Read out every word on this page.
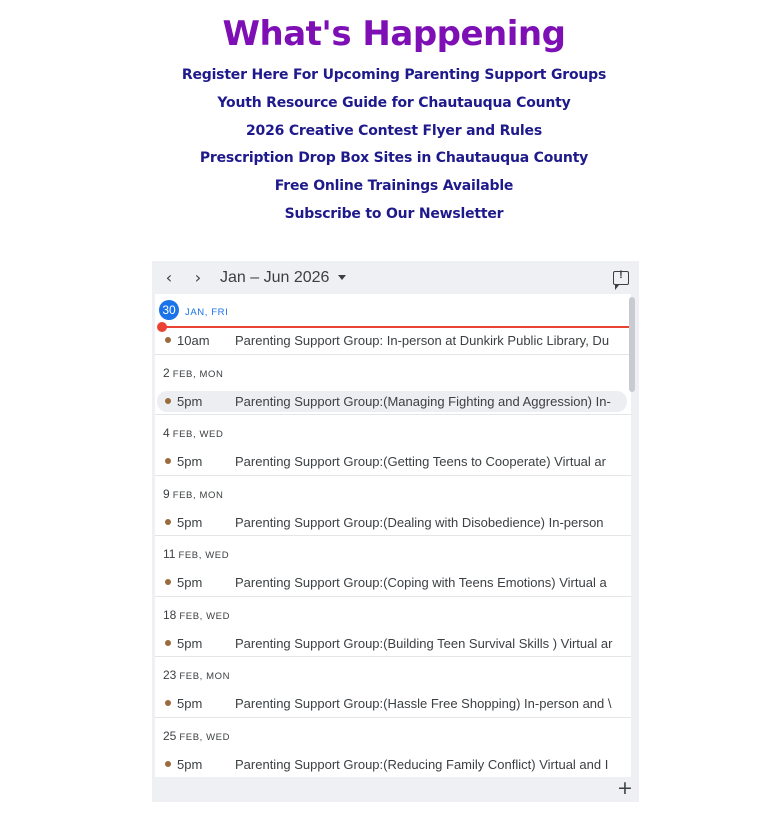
What's Happening
Register Here For Upcoming Parenting Support Groups
Youth Resource Guide for Chautauqua County
2026 Creative Contest Flyer and Rules
Prescription Drop Box Sites in Chautauqua County
Free Online Trainings Available
Subscribe to Our Newsletter
‹	›	Jan – Jun 2026	!
30 JAN, FRI
10am Parenting Support Group: In-person at Dunkirk Public Library, Du
2 FEB, MON
5pm	Parenting Support Group:(Managing Fighting and Aggression) In-
4 FEB, WED
5pm	Parenting Support Group:(Getting Teens to Cooperate) Virtual ar
9 FEB, MON
5pm	Parenting Support Group:(Dealing with Disobedience) In-person
11 FEB, WED
5pm	Parenting Support Group:(Coping with Teens Emotions) Virtual a
18 FEB, WED
5pm	Parenting Support Group:(Building Teen Survival Skills ) Virtual ar
23 FEB, MON
5pm	Parenting Support Group:(Hassle Free Shopping) In-person and \
25 FEB, WED
5pm	Parenting Support Group:(Reducing Family Conflict) Virtual and I
+
